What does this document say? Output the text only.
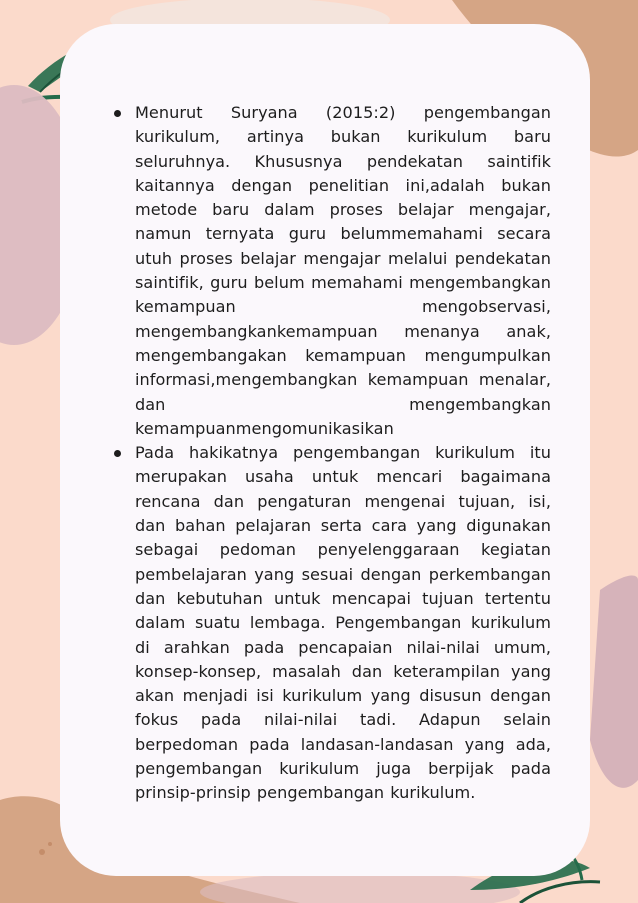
Menurut Suryana (2015:2) pengembangan kurikulum, artinya bukan kurikulum baru seluruhnya. Khususnya pendekatan saintifik kaitannya dengan penelitian ini,adalah bukan metode baru dalam proses belajar mengajar, namun ternyata guru belummemahami secara utuh proses belajar mengajar melalui pendekatan saintifik, guru belum memahami mengembangkan kemampuan mengobservasi, mengembangkankemampuan menanya anak, mengembangakan kemampuan mengumpulkan informasi,mengembangkan kemampuan menalar, dan mengembangkan kemampuanmengomunikasikan
Pada hakikatnya pengembangan kurikulum itu merupakan usaha untuk mencari bagaimana rencana dan pengaturan mengenai tujuan, isi, dan bahan pelajaran serta cara yang digunakan sebagai pedoman penyelenggaraan kegiatan pembelajaran yang sesuai dengan perkembangan dan kebutuhan untuk mencapai tujuan tertentu dalam suatu lembaga. Pengembangan kurikulum di arahkan pada pencapaian nilai-nilai umum, konsep-konsep, masalah dan keterampilan yang akan menjadi isi kurikulum yang disusun dengan fokus pada nilai-nilai tadi. Adapun selain berpedoman pada landasan-landasan yang ada, pengembangan kurikulum juga berpijak pada prinsip-prinsip pengembangan kurikulum.
